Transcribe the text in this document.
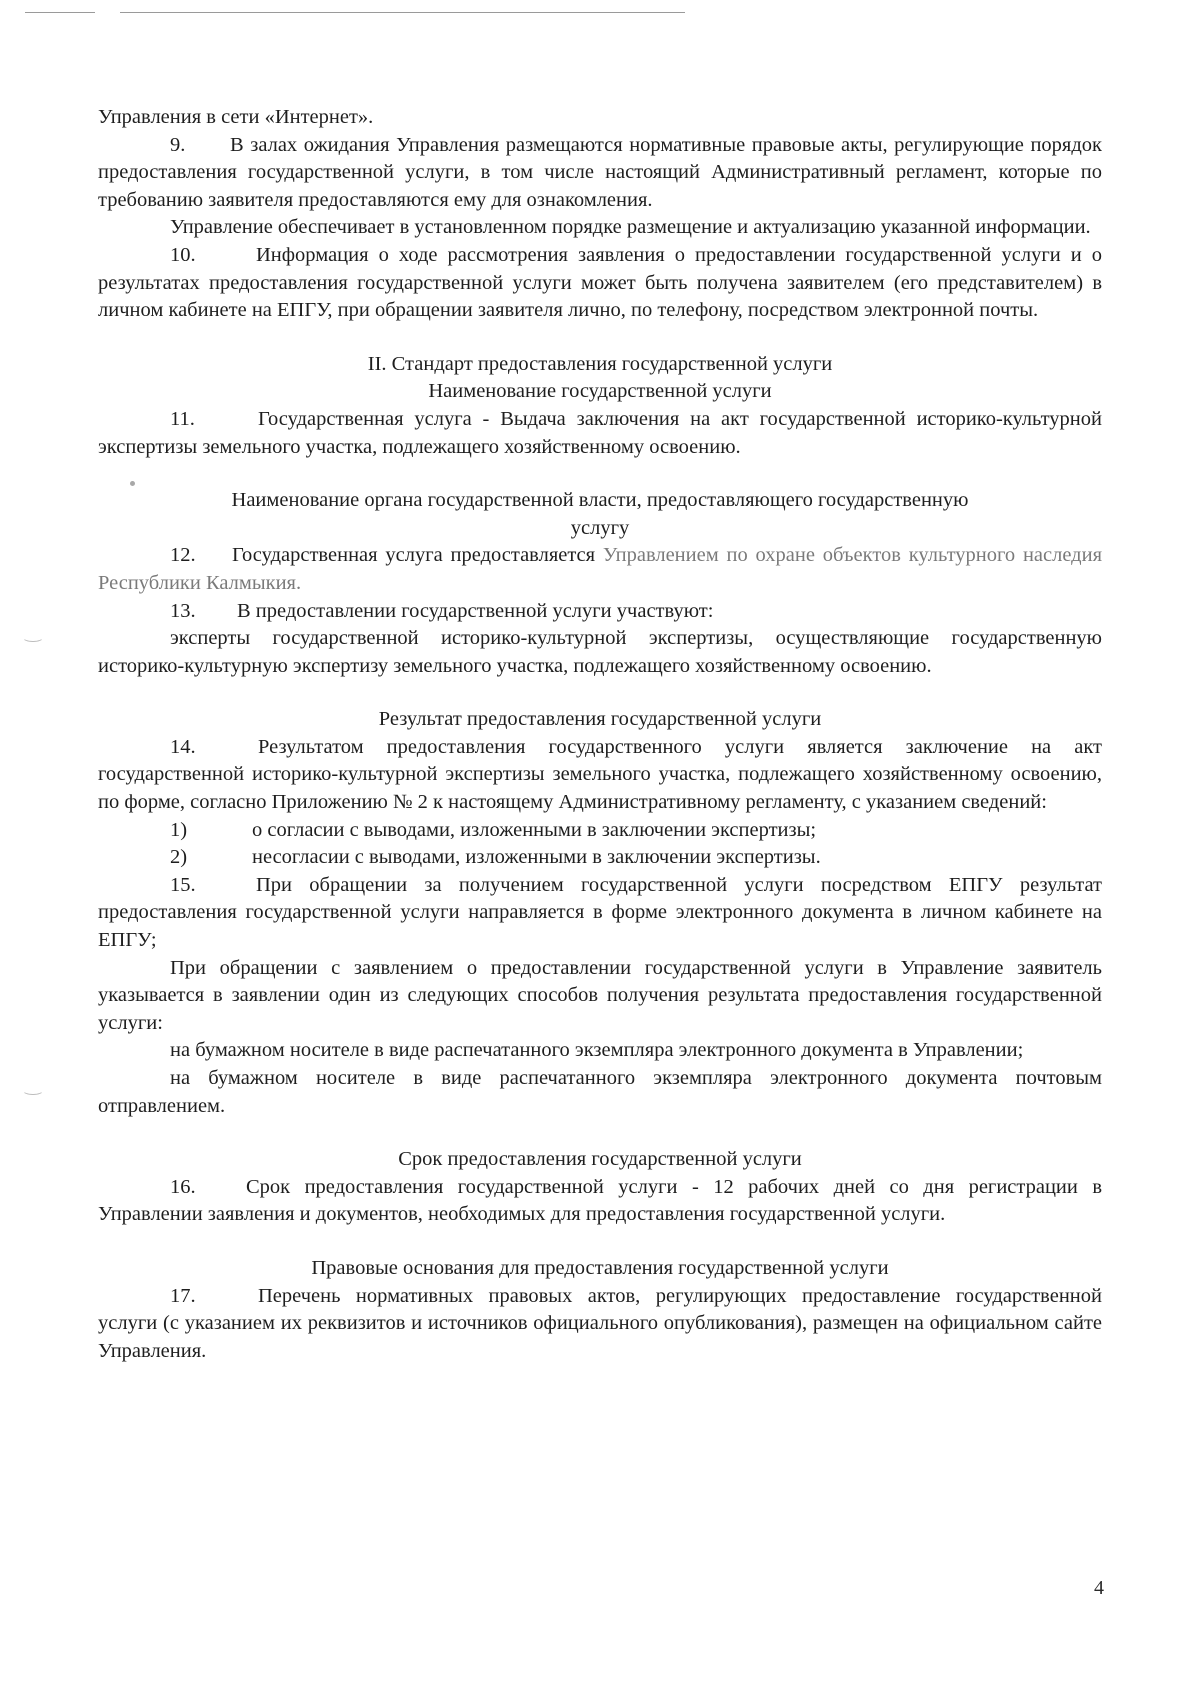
Управления в сети «Интернет».

9. В залах ожидания Управления размещаются нормативные правовые акты, регулирующие порядок предоставления государственной услуги, в том числе настоящий Административный регламент, которые по требованию заявителя предоставляются ему для ознакомления.

Управление обеспечивает в установленном порядке размещение и актуализацию указанной информации.

10.	Информация о ходе рассмотрения заявления о предоставлении государственной услуги и о результатах предоставления государственной услуги может быть получена заявителем (его представителем) в личном кабинете на ЕПГУ, при обращении заявителя лично, по телефону, посредством электронной почты.

II. Стандарт предоставления государственной услуги

Наименование государственной услуги

11.	Государственная услуга - Выдача заключения на акт государственной историко-культурной экспертизы земельного участка, подлежащего хозяйственному освоению.

Наименование органа государственной власти, предоставляющего государственную

услугу

12. Государственная услуга предоставляется Управлением по охране объектов культурного наследия Республики Калмыкия.

13. В предоставлении государственной услуги участвуют:

эксперты государственной историко-культурной экспертизы, осуществляющие государственную историко-культурную экспертизу земельного участка, подлежащего хозяйственному освоению.

Результат предоставления государственной услуги

14.	Результатом предоставления государственного услуги является заключение на акт государственной историко-культурной экспертизы земельного участка, подлежащего хозяйственному освоению, по форме, согласно Приложению № 2 к настоящему Административному регламенту, с указанием сведений:

1)	о согласии с выводами, изложенными в заключении экспертизы;
2)	несогласии с выводами, изложенными в заключении экспертизы.

15.	При обращении за получением государственной услуги посредством ЕПГУ результат предоставления государственной услуги направляется в форме электронного документа в личном кабинете на ЕПГУ;

При обращении с заявлением о предоставлении государственной услуги в Управление заявитель указывается в заявлении один из следующих способов получения результата предоставления государственной услуги:

на бумажном носителе в виде распечатанного экземпляра электронного документа в Управлении;

на бумажном носителе в виде распечатанного экземпляра электронного документа почтовым отправлением.

Срок предоставления государственной услуги

16. Срок предоставления государственной услуги - 12 рабочих дней со дня регистрации в Управлении заявления и документов, необходимых для предоставления государственной услуги.

Правовые основания для предоставления государственной услуги

17.	Перечень нормативных правовых актов, регулирующих предоставление государственной услуги (с указанием их реквизитов и источников официального опубликования), размещен на официальном сайте Управления.

4
